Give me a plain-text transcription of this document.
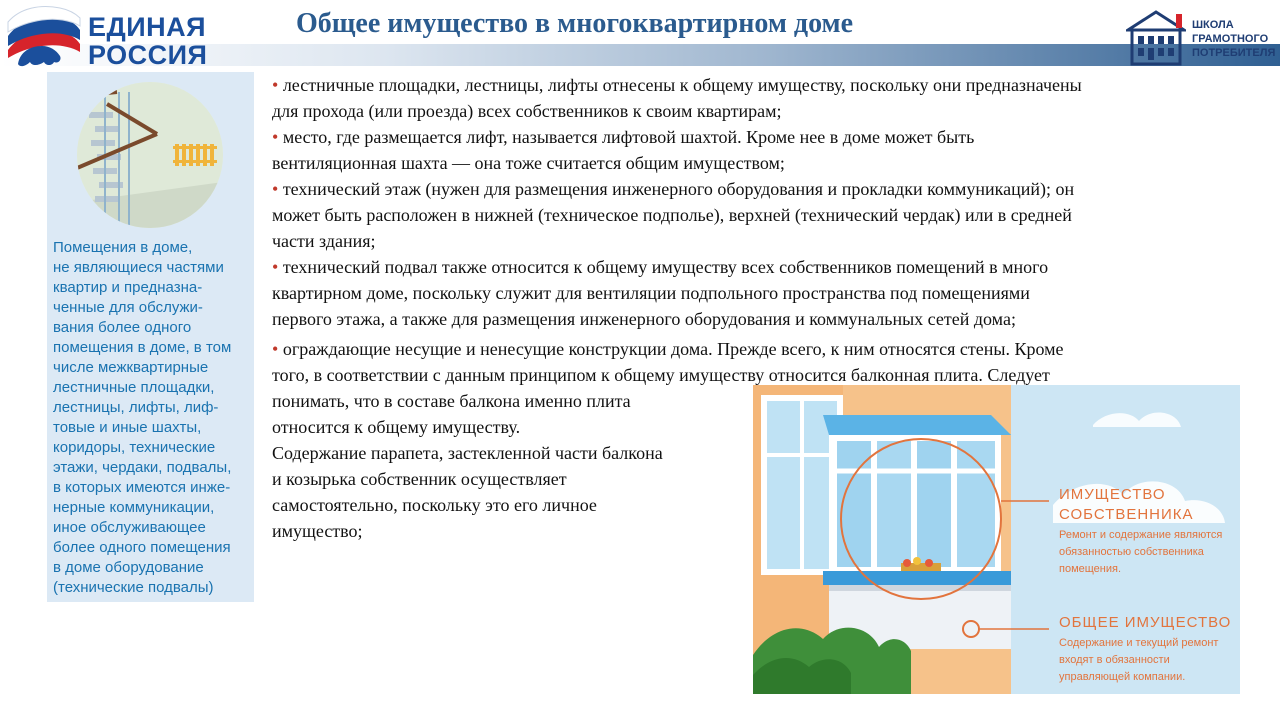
ЕДИНАЯ
РОССИЯ
Общее имущество в многоквартирном доме	ШКОЛА
ГРАМОТНОГО
ПОТРЕБИТЕЛЯ
Помещения в доме,
не являющиеся частями
квартир и предназна-
ченные для обслужи-
вания более одного
помещения в доме, в том
числе межквартирные
лестничные площадки,
лестницы, лифты, лиф-
товые и иные шахты,
коридоры, технические
этажи, чердаки, подвалы,
в которых имеются инже-
нерные коммуникации,
иное обслуживающее
более одного помещения
в доме оборудование
(технические подвалы)

• лестничные площадки, лестницы, лифты отнесены к общему имуществу, поскольку они предназначены
для прохода (или проезда) всех собственников к своим квартирам;

• место, где размещается лифт, называется лифтовой шахтой. Кроме нее в доме может быть
вентиляционная шахта — она тоже считается общим имуществом;

• технический этаж (нужен для размещения инженерного оборудования и прокладки коммуникаций); он
может быть расположен в нижней (техническое подполье), верхней (технический чердак) или в средней
части здания;

• технический подвал также относится к общему имуществу всех собственников помещений в много
квартирном доме, поскольку служит для вентиляции подпольного пространства под помещениями
первого этажа, а также для размещения инженерного оборудования и коммунальных сетей дома;

• ограждающие несущие и ненесущие конструкции дома. Прежде всего, к ним относятся стены. Кроме
того, в соответствии с данным принципом к общему имуществу относится балконная плита. Следует
понимать, что в составе балкона именно плита
относится к общему имуществу.
Содержание парапета, застекленной части балкона
и козырька собственник осуществляет
самостоятельно, поскольку это его личное
имущество;

ИМУЩЕСТВО
СОБСТВЕННИКА
Ремонт и содержание являются
обязанностью собственника
помещения.
ОБЩЕЕ ИМУЩЕСТВО
Содержание и текущий ремонт
входят в обязанности
управляющей компании.
